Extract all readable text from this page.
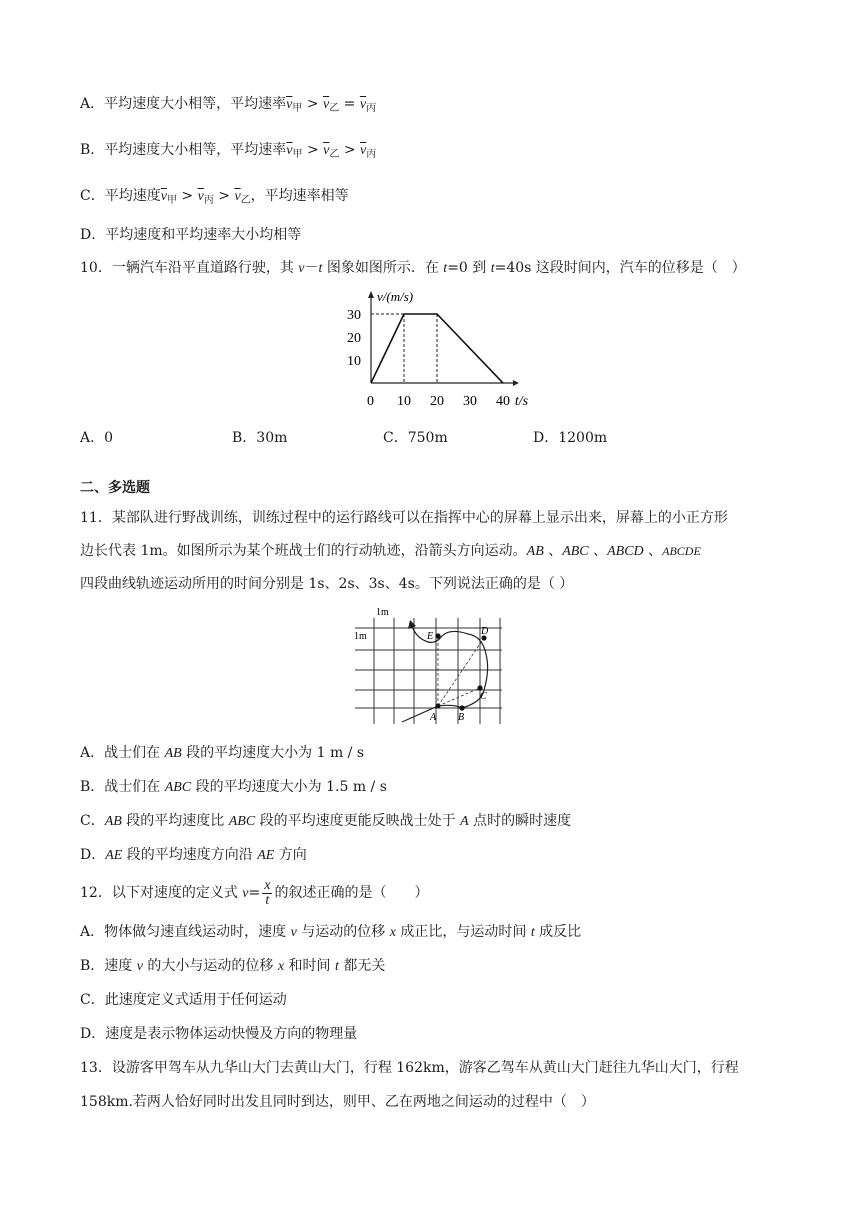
A．平均速度大小相等，平均速率$\overline{v}_甲 > \overline{v}_乙 = \overline{v}_丙$
B．平均速度大小相等，平均速率$\overline{v}_甲 > \overline{v}_乙 > \overline{v}_丙$
C．平均速度$\overline{v}_甲 > \overline{v}_丙 > \overline{v}_乙$，平均速率相等
D．平均速度和平均速率大小均相等
10．一辆汽车沿平直道路行驶，其 v－t 图象如图所示．在 t=0 到 t=40s 这段时间内，汽车的位移是（　）
10
20
30
0 10 20 30 40
v/(m/s)
t/s
A．0	B．30m	C．750m	D．1200m
二、多选题
11．某部队进行野战训练，训练过程中的运行路线可以在指挥中心的屏幕上显示出来，屏幕上的小正方形
边长代表 1m。如图所示为某个班战士们的行动轨迹，沿箭头方向运动。AB 、ABC 、ABCD 、ABCDE
四段曲线轨迹运动所用的时间分别是 1s、2s、3s、4s。下列说法正确的是（ ）
1m
1m
A B
C
D
E
A．战士们在 AB 段的平均速度大小为 1 m / s
B．战士们在 ABC 段的平均速度大小为 1.5 m / s
C．AB 段的平均速度比 ABC 段的平均速度更能反映战士处于 A 点时的瞬时速度
D．AE 段的平均速度方向沿 AE 方向
12．以下对速度的定义式 $v= \frac{x}{t}$ 的叙述正确的是（　　）
A．物体做匀速直线运动时，速度 v 与运动的位移 x 成正比，与运动时间 t 成反比
B．速度 v 的大小与运动的位移 x 和时间 t 都无关
C．此速度定义式适用于任何运动
D．速度是表示物体运动快慢及方向的物理量
13．设游客甲驾车从九华山大门去黄山大门，行程 162km，游客乙驾车从黄山大门赶往九华山大门，行程
158km.若两人恰好同时出发且同时到达，则甲、乙在两地之间运动的过程中（　）
